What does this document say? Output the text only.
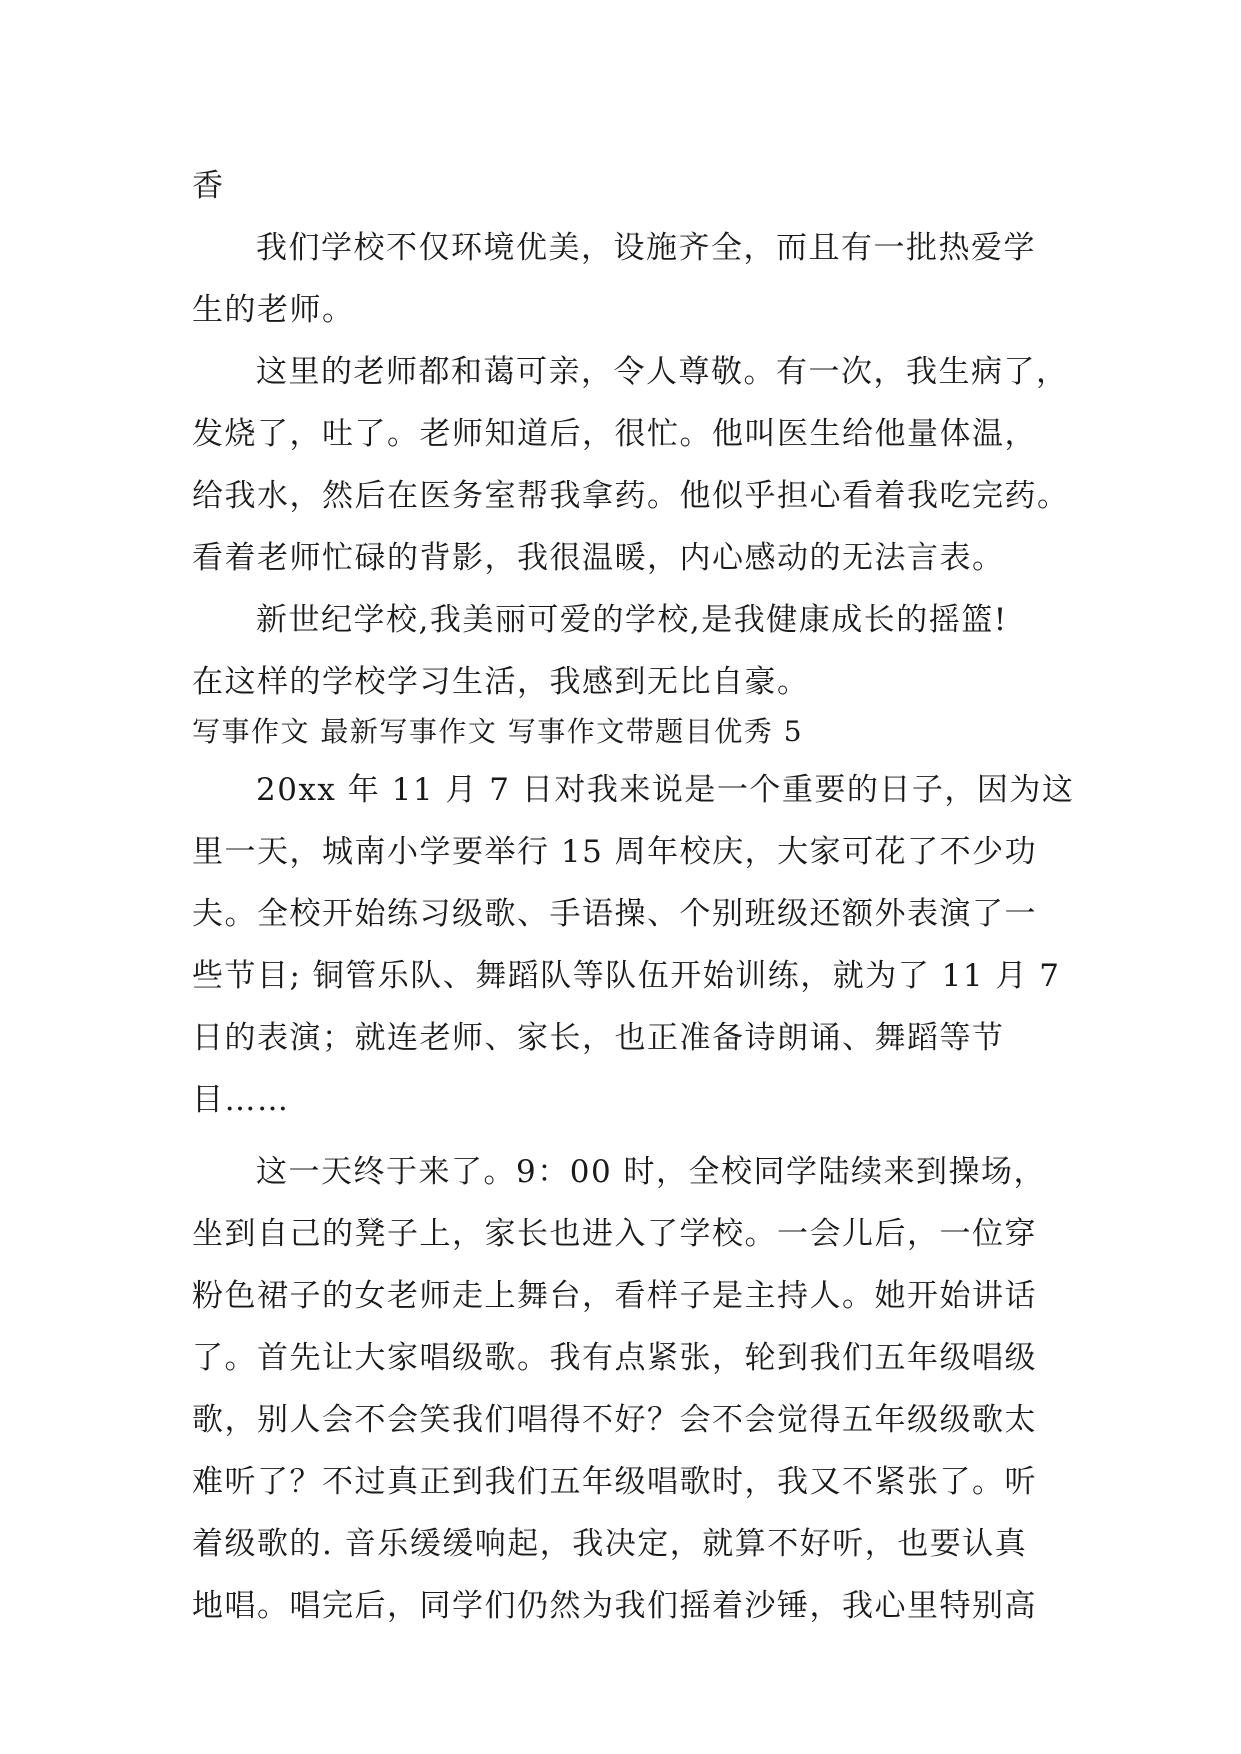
香
我们学校不仅环境优美，设施齐全，而且有一批热爱学
生的老师。
这里的老师都和蔼可亲，令人尊敬。有一次，我生病了，
发烧了，吐了。老师知道后，很忙。他叫医生给他量体温，
给我水，然后在医务室帮我拿药。他似乎担心看着我吃完药。
看着老师忙碌的背影，我很温暖，内心感动的无法言表。
新世纪学校,我美丽可爱的学校,是我健康成长的摇篮!
在这样的学校学习生活，我感到无比自豪。
写事作文 最新写事作文 写事作文带题目优秀 5
20xx 年 11 月 7 日对我来说是一个重要的日子，因为这
里一天，城南小学要举行 15 周年校庆，大家可花了不少功
夫。全校开始练习级歌、手语操、个别班级还额外表演了一
些节目; 铜管乐队、舞蹈队等队伍开始训练，就为了 11 月 7
日的表演；就连老师、家长，也正准备诗朗诵、舞蹈等节
目……
这一天终于来了。9：00 时，全校同学陆续来到操场，
坐到自己的凳子上，家长也进入了学校。一会儿后，一位穿
粉色裙子的女老师走上舞台，看样子是主持人。她开始讲话
了。首先让大家唱级歌。我有点紧张，轮到我们五年级唱级
歌，别人会不会笑我们唱得不好？会不会觉得五年级级歌太
难听了？不过真正到我们五年级唱歌时，我又不紧张了。听
着级歌的. 音乐缓缓响起，我决定，就算不好听，也要认真
地唱。唱完后，同学们仍然为我们摇着沙锤，我心里特别高
